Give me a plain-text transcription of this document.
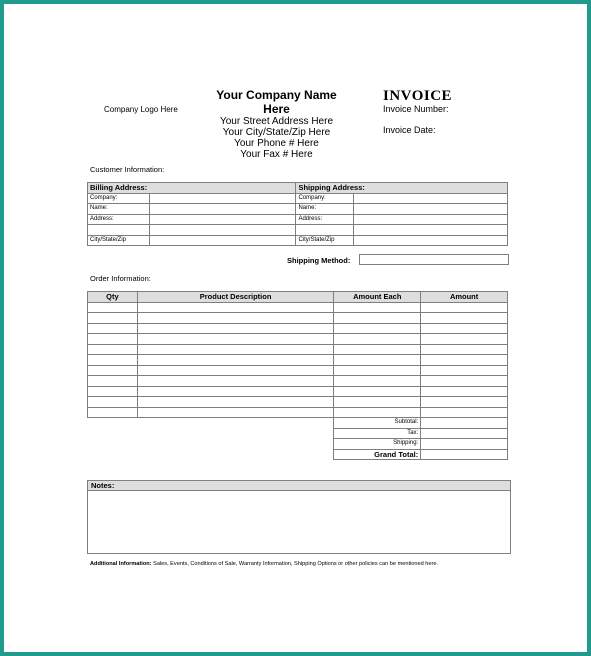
Company Logo Here
Your Company Name Here
Your Street Address Here
Your City/State/Zip Here
Your Phone # Here
Your Fax # Here
INVOICE
Invoice Number:
Invoice Date:
Customer Information:
Billing Address:		Shipping Address:	
Company:		Company:	
Name:		Name:	
Address:		Address:	

City/State/Zip		City/State/Zip	
Shipping Method:
Order Information:
Qty	Product Description	Amount Each	Amount

		Subtotal:	
		Tax:	
		Shipping:	
		Grand Total:	
Notes:
Additional Information: Sales, Events, Conditions of Sale, Warranty Information, Shipping Options or other policies can be mentioned here.
